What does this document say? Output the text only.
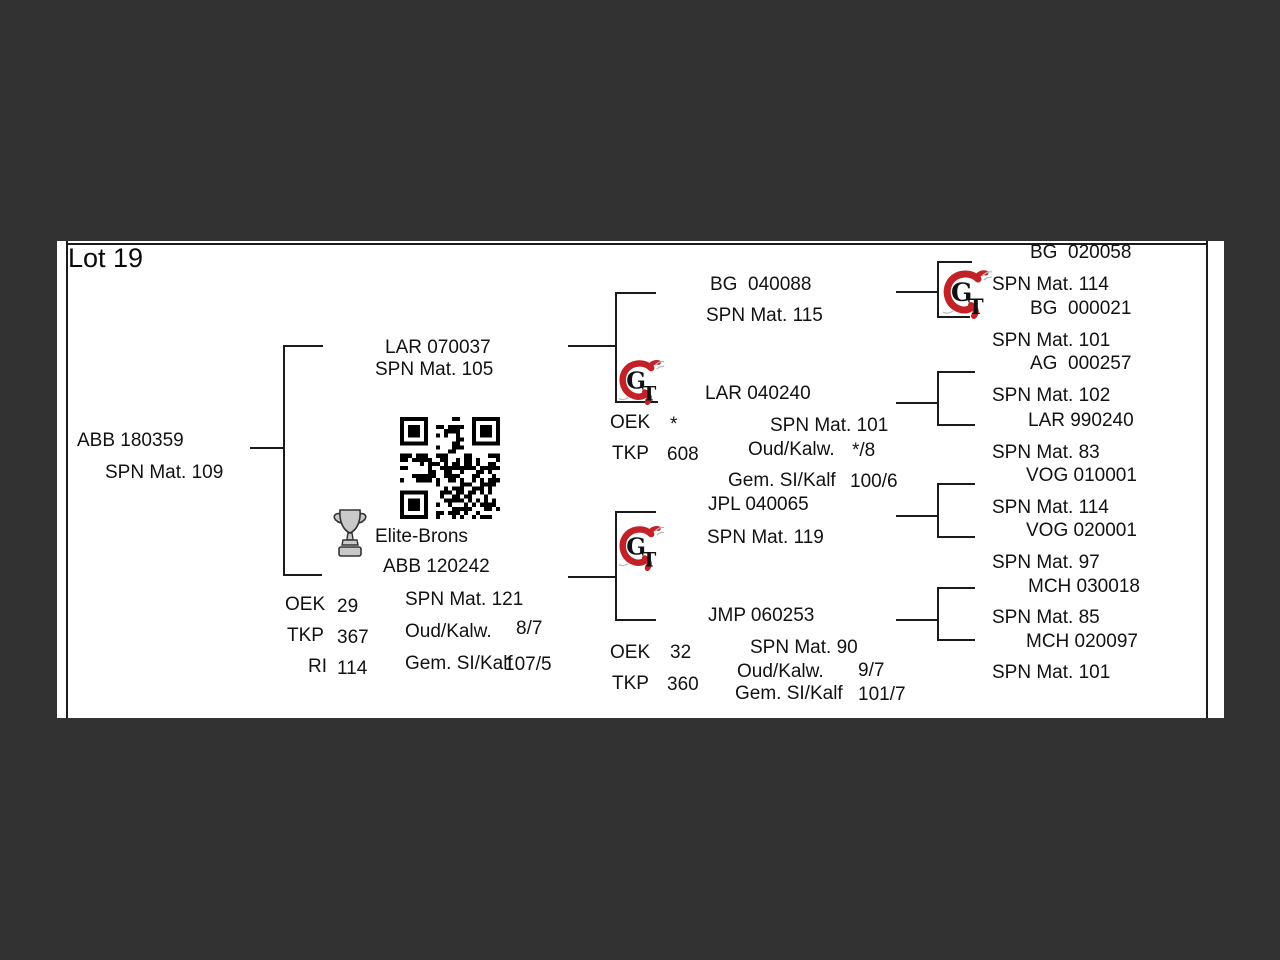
Lot 19
ABB 180359
SPN Mat. 109
LAR 070037
SPN Mat. 105
Elite-Brons
ABB 120242
SPN Mat. 121
OEK 29
TKP 367
RI 114
Oud/Kalw. 8/7
Gem. SI/Kalf
107/5
BG  040088
SPN Mat. 115
LAR 040240
SPN Mat. 101
OEK *
TKP 608	Oud/Kalw. */8
Gem. SI/Kalf 100/6
JPL 040065
SPN Mat. 119
JMP 060253
SPN Mat. 90
OEK 32
TKP 360
Oud/Kalw. 9/7
Gem. SI/Kalf 101/7
BG  020058
SPN Mat. 114
BG  000021
SPN Mat. 101
AG  000257
SPN Mat. 102
LAR 990240
SPN Mat. 83
VOG 010001
SPN Mat. 114
VOG 020001
SPN Mat. 97
MCH 030018
SPN Mat. 85
MCH 020097
SPN Mat. 101
